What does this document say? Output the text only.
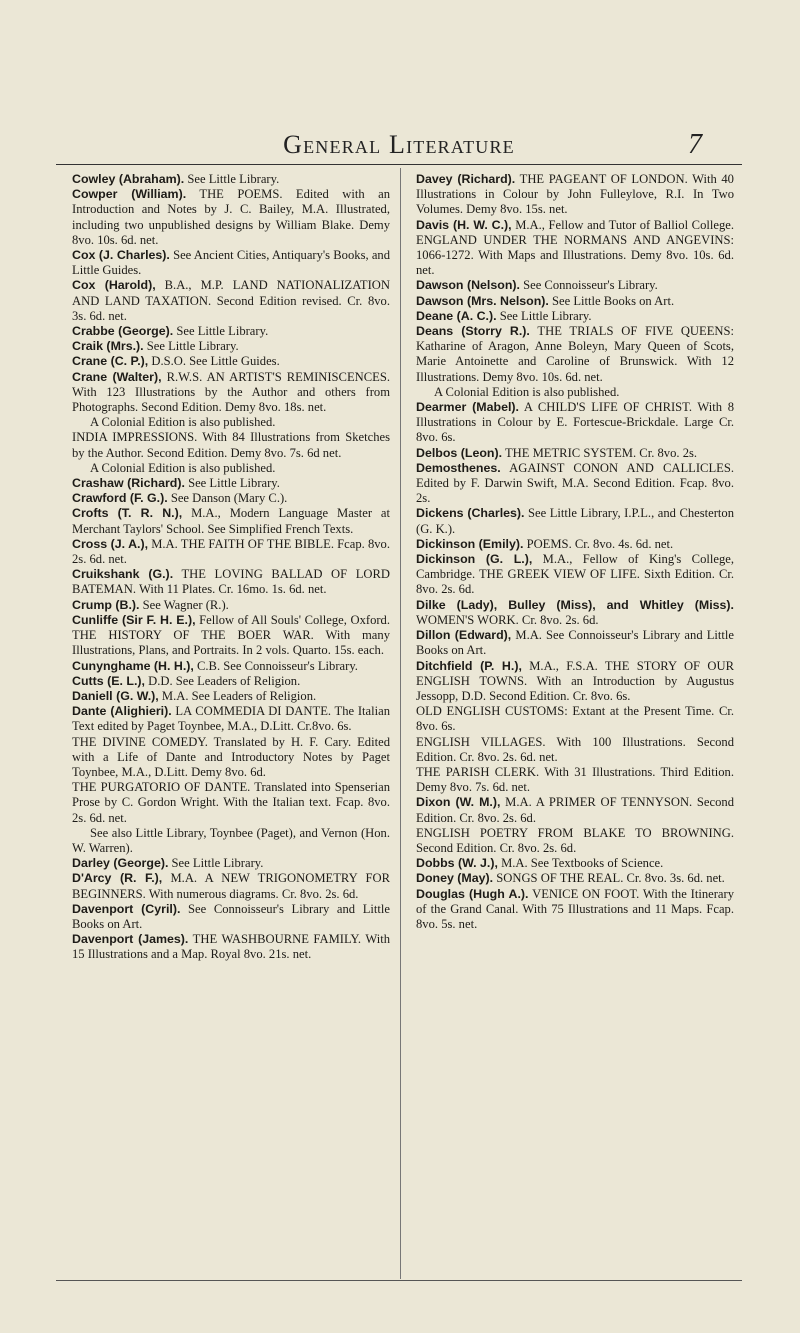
General Literature	7

Cowley (Abraham). See Little Library.

Cowper (William). THE POEMS. Edited with an Introduction and Notes by J. C. Bailey, M.A. Illustrated, including two unpublished designs by William Blake. Demy 8vo. 10s. 6d. net.

Cox (J. Charles). See Ancient Cities, Antiquary's Books, and Little Guides.

Cox (Harold), B.A., M.P. LAND NATIONALIZATION AND LAND TAXATION. Second Edition revised. Cr. 8vo. 3s. 6d. net.

Crabbe (George). See Little Library.

Craik (Mrs.). See Little Library.

Crane (C. P.), D.S.O. See Little Guides.

Crane (Walter), R.W.S. AN ARTIST'S REMINISCENCES. With 123 Illustrations by the Author and others from Photographs. Second Edition. Demy 8vo. 18s. net.

A Colonial Edition is also published.

INDIA IMPRESSIONS. With 84 Illustrations from Sketches by the Author. Second Edition. Demy 8vo. 7s. 6d net.

A Colonial Edition is also published.

Crashaw (Richard). See Little Library.

Crawford (F. G.). See Danson (Mary C.).

Crofts (T. R. N.), M.A., Modern Language Master at Merchant Taylors' School. See Simplified French Texts.

Cross (J. A.), M.A. THE FAITH OF THE BIBLE. Fcap. 8vo. 2s. 6d. net.

Cruikshank (G.). THE LOVING BALLAD OF LORD BATEMAN. With 11 Plates. Cr. 16mo. 1s. 6d. net.

Crump (B.). See Wagner (R.).

Cunliffe (Sir F. H. E.), Fellow of All Souls' College, Oxford. THE HISTORY OF THE BOER WAR. With many Illustrations, Plans, and Portraits. In 2 vols. Quarto. 15s. each.

Cunynghame (H. H.), C.B. See Connoisseur's Library.

Cutts (E. L.), D.D. See Leaders of Religion.

Daniell (G. W.), M.A. See Leaders of Religion.

Dante (Alighieri). LA COMMEDIA DI DANTE. The Italian Text edited by Paget Toynbee, M.A., D.Litt. Cr.8vo. 6s.

THE DIVINE COMEDY. Translated by H. F. Cary. Edited with a Life of Dante and Introductory Notes by Paget Toynbee, M.A., D.Litt. Demy 8vo. 6d.

THE PURGATORIO OF DANTE. Translated into Spenserian Prose by C. Gordon Wright. With the Italian text. Fcap. 8vo. 2s. 6d. net.

See also Little Library, Toynbee (Paget), and Vernon (Hon. W. Warren).

Darley (George). See Little Library.

D'Arcy (R. F.), M.A. A NEW TRIGONOMETRY FOR BEGINNERS. With numerous diagrams. Cr. 8vo. 2s. 6d.

Davenport (Cyril). See Connoisseur's Library and Little Books on Art.

Davenport (James). THE WASHBOURNE FAMILY. With 15 Illustrations and a Map. Royal 8vo. 21s. net.

Davey (Richard). THE PAGEANT OF LONDON. With 40 Illustrations in Colour by John Fulleylove, R.I. In Two Volumes. Demy 8vo. 15s. net.

Davis (H. W. C.), M.A., Fellow and Tutor of Balliol College. ENGLAND UNDER THE NORMANS AND ANGEVINS: 1066-1272. With Maps and Illustrations. Demy 8vo. 10s. 6d. net.

Dawson (Nelson). See Connoisseur's Library.

Dawson (Mrs. Nelson). See Little Books on Art.

Deane (A. C.). See Little Library.

Deans (Storry R.). THE TRIALS OF FIVE QUEENS: Katharine of Aragon, Anne Boleyn, Mary Queen of Scots, Marie Antoinette and Caroline of Brunswick. With 12 Illustrations. Demy 8vo. 10s. 6d. net.

A Colonial Edition is also published.

Dearmer (Mabel). A CHILD'S LIFE OF CHRIST. With 8 Illustrations in Colour by E. Fortescue-Brickdale. Large Cr. 8vo. 6s.

Delbos (Leon). THE METRIC SYSTEM. Cr. 8vo. 2s.

Demosthenes. AGAINST CONON AND CALLICLES. Edited by F. Darwin Swift, M.A. Second Edition. Fcap. 8vo. 2s.

Dickens (Charles). See Little Library, I.P.L., and Chesterton (G. K.).

Dickinson (Emily). POEMS. Cr. 8vo. 4s. 6d. net.

Dickinson (G. L.), M.A., Fellow of King's College, Cambridge. THE GREEK VIEW OF LIFE. Sixth Edition. Cr. 8vo. 2s. 6d.

Dilke (Lady), Bulley (Miss), and Whitley (Miss). WOMEN'S WORK. Cr. 8vo. 2s. 6d.

Dillon (Edward), M.A. See Connoisseur's Library and Little Books on Art.

Ditchfield (P. H.), M.A., F.S.A. THE STORY OF OUR ENGLISH TOWNS. With an Introduction by Augustus Jessopp, D.D. Second Edition. Cr. 8vo. 6s.

OLD ENGLISH CUSTOMS: Extant at the Present Time. Cr. 8vo. 6s.

ENGLISH VILLAGES. With 100 Illustrations. Second Edition. Cr. 8vo. 2s. 6d. net.

THE PARISH CLERK. With 31 Illustrations. Third Edition. Demy 8vo. 7s. 6d. net.

Dixon (W. M.), M.A. A PRIMER OF TENNYSON. Second Edition. Cr. 8vo. 2s. 6d.

ENGLISH POETRY FROM BLAKE TO BROWNING. Second Edition. Cr. 8vo. 2s. 6d.

Dobbs (W. J.), M.A. See Textbooks of Science.

Doney (May). SONGS OF THE REAL. Cr. 8vo. 3s. 6d. net.

Douglas (Hugh A.). VENICE ON FOOT. With the Itinerary of the Grand Canal. With 75 Illustrations and 11 Maps. Fcap. 8vo. 5s. net.
